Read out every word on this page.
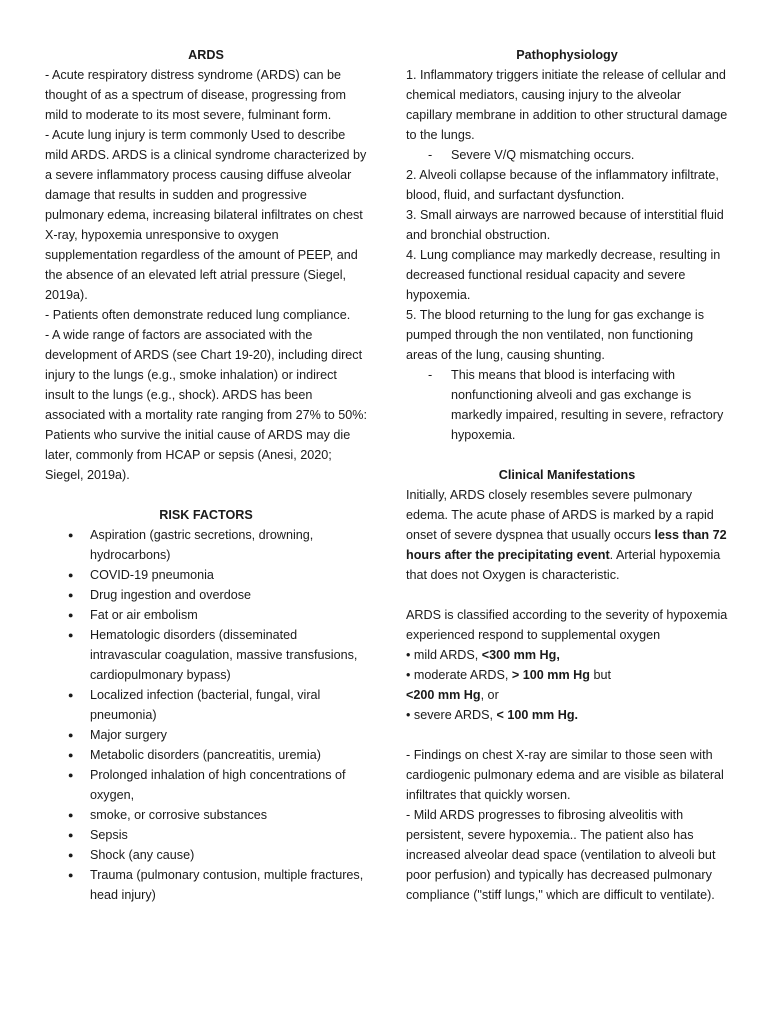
ARDS

- Acute respiratory distress syndrome (ARDS) can be thought of as a spectrum of disease, progressing from mild to moderate to its most severe, fulminant form.

- Acute lung injury is term commonly Used to describe mild ARDS. ARDS is a clinical syndrome characterized by a severe inflammatory process causing diffuse alveolar damage that results in sudden and progressive pulmonary edema, increasing bilateral infiltrates on chest X-ray, hypoxemia unresponsive to oxygen supplementation regardless of the amount of PEEP, and the absence of an elevated left atrial pressure (Siegel, 2019a).

- Patients often demonstrate reduced lung compliance.

- A wide range of factors are associated with the development of ARDS (see Chart 19-20), including direct injury to the lungs (e.g., smoke inhalation) or indirect insult to the lungs (e.g., shock). ARDS has been associated with a mortality rate ranging from 27% to 50%: Patients who survive the initial cause of ARDS may die later, commonly from HCAP or sepsis (Anesi, 2020; Siegel, 2019a).

RISK FACTORS
● Aspiration (gastric secretions, drowning, hydrocarbons)
● COVID-19 pneumonia
● Drug ingestion and overdose
● Fat or air embolism
● Hematologic disorders (disseminated intravascular coagulation, massive transfusions, cardiopulmonary bypass)
● Localized infection (bacterial, fungal, viral pneumonia)
● Major surgery
● Metabolic disorders (pancreatitis, uremia)
● Prolonged inhalation of high concentrations of oxygen,
● smoke, or corrosive substances
● Sepsis
● Shock (any cause)
● Trauma (pulmonary contusion, multiple fractures, head injury)
Pathophysiology

1. Inflammatory triggers initiate the release of cellular and chemical mediators, causing injury to the alveolar capillary membrane in addition to other structural damage to the lungs.

- Severe V/Q mismatching occurs.

2. Alveoli collapse because of the inflammatory infiltrate, blood, fluid, and surfactant dysfunction.

3. Small airways are narrowed because of interstitial fluid and bronchial obstruction.

4. Lung compliance may markedly decrease, resulting in decreased functional residual capacity and severe hypoxemia.

5. The blood returning to the lung for gas exchange is pumped through the non ventilated, non functioning areas of the lung, causing shunting.

- This means that blood is interfacing with nonfunctioning alveoli and gas exchange is markedly impaired, resulting in severe, refractory hypoxemia.
Clinical Manifestations

Initially, ARDS closely resembles severe pulmonary edema. The acute phase of ARDS is marked by a rapid onset of severe dyspnea that usually occurs less than 72 hours after the precipitating event. Arterial hypoxemia that does not Oxygen is characteristic.

ARDS is classified according to the severity of hypoxemia experienced respond to supplemental oxygen

• mild ARDS, <300 mm Hg,

• moderate ARDS, > 100 mm Hg but
<200 mm Hg, or

• severe ARDS, < 100 mm Hg.

- Findings on chest X-ray are similar to those seen with cardiogenic pulmonary edema and are visible as bilateral infiltrates that quickly worsen.

- Mild ARDS progresses to fibrosing alveolitis with persistent, severe hypoxemia.. The patient also has increased alveolar dead space (ventilation to alveoli but poor perfusion) and typically has decreased pulmonary compliance ("stiff lungs," which are difficult to ventilate).
